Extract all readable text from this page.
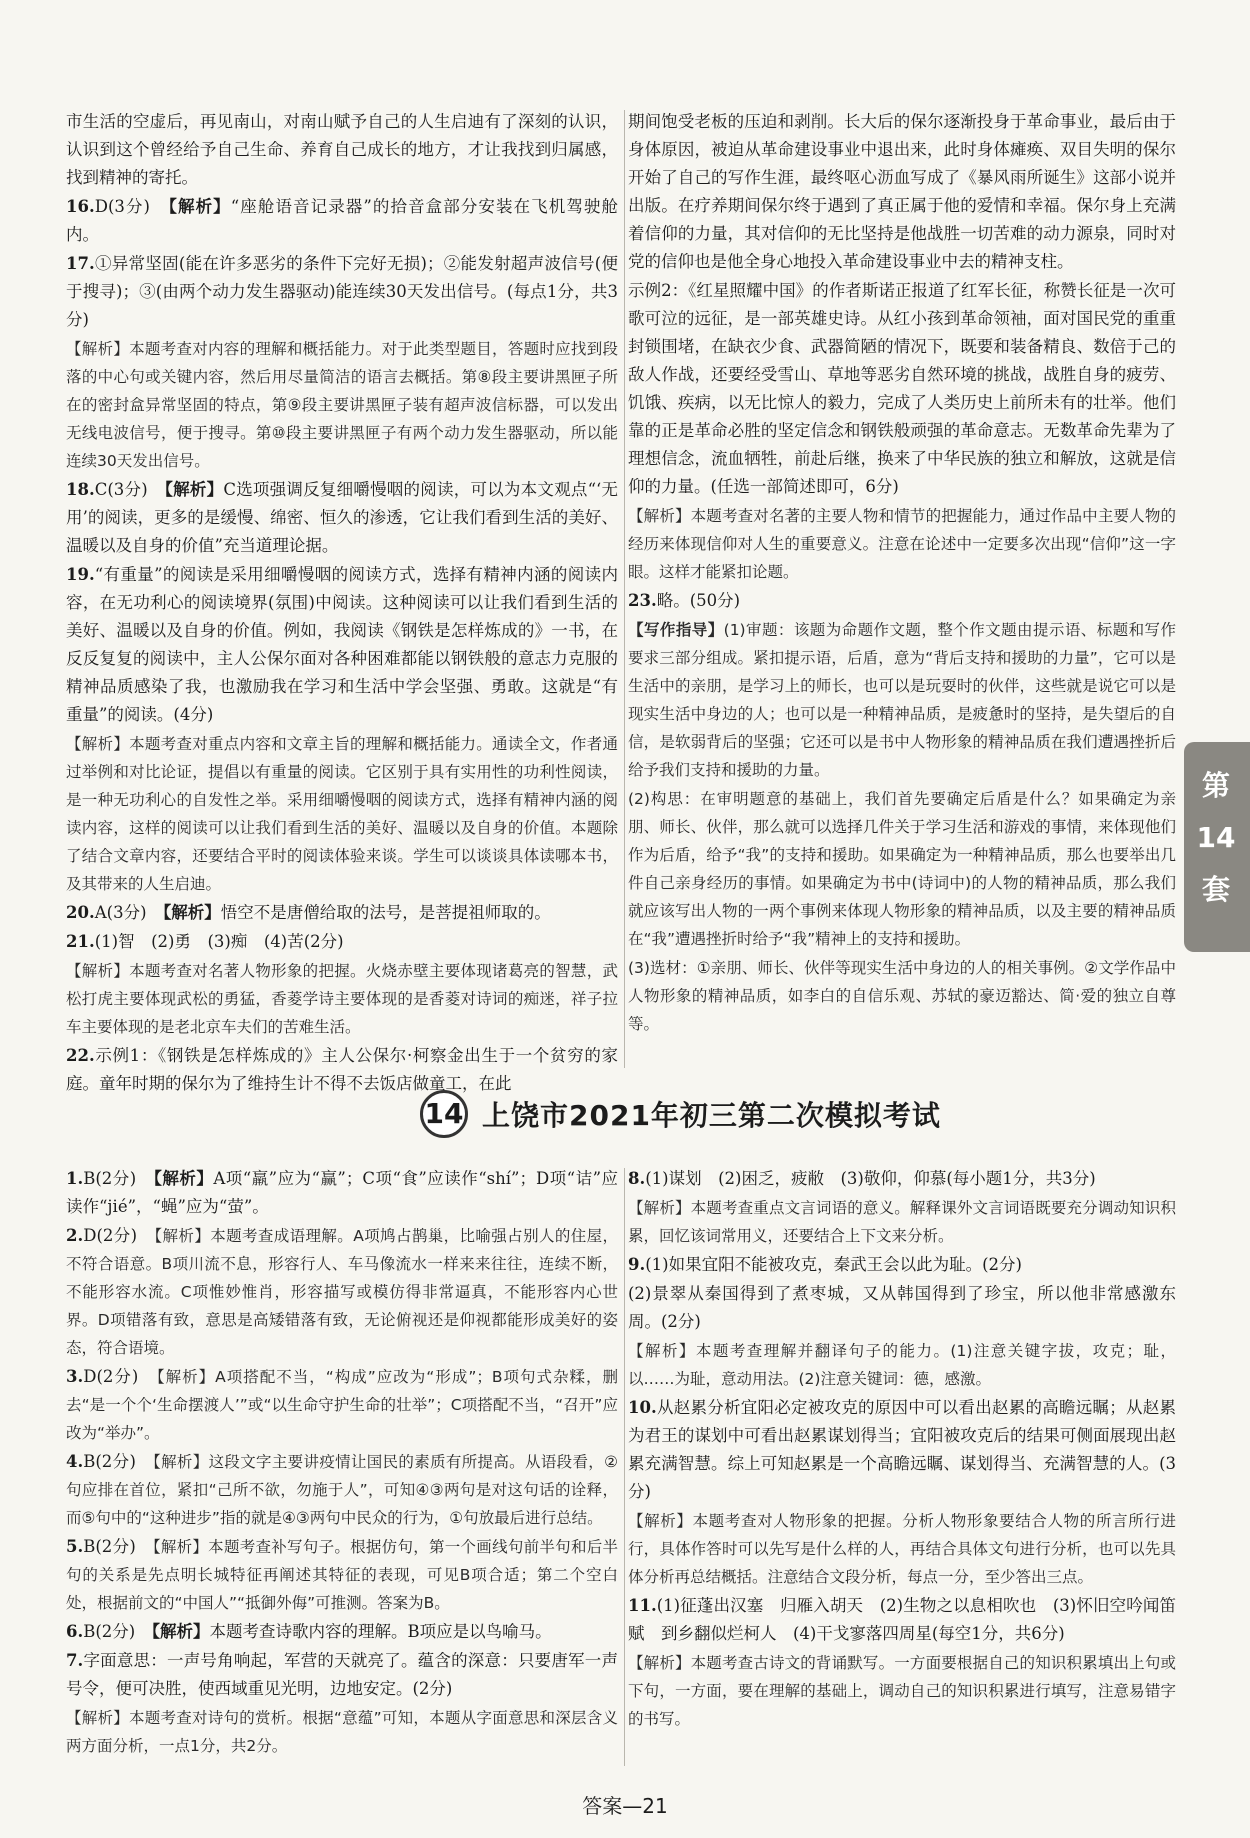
市生活的空虚后，再见南山，对南山赋予自己的人生启迪有了深刻的认识，认识到这个曾经给予自己生命、养育自己成长的地方，才让我找到归属感，找到精神的寄托。

16.D(3分)　 【解析】“座舱语音记录器”的拾音盒部分安装在飞机驾驶舱内。

17.①异常坚固(能在许多恶劣的条件下完好无损)；②能发射超声波信号(便于搜寻)；③(由两个动力发生器驱动)能连续30天发出信号。(每点1分，共3分)

【解析】本题考查对内容的理解和概括能力。对于此类型题目，答题时应找到段落的中心句或关键内容，然后用尽量简洁的语言去概括。第⑧段主要讲黑匣子所在的密封盒异常坚固的特点，第⑨段主要讲黑匣子装有超声波信标器，可以发出无线电波信号，便于搜寻。第⑩段主要讲黑匣子有两个动力发生器驱动，所以能连续30天发出信号。

18.C(3分)　 【解析】C选项强调反复细嚼慢咽的阅读，可以为本文观点“‘无用’的阅读，更多的是缓慢、绵密、恒久的渗透，它让我们看到生活的美好、温暖以及自身的价值”充当道理论据。

19.“有重量”的阅读是采用细嚼慢咽的阅读方式，选择有精神内涵的阅读内容，在无功利心的阅读境界(氛围)中阅读。这种阅读可以让我们看到生活的美好、温暖以及自身的价值。例如，我阅读《钢铁是怎样炼成的》一书，在反反复复的阅读中，主人公保尔面对各种困难都能以钢铁般的意志力克服的精神品质感染了我，也激励我在学习和生活中学会坚强、勇敢。这就是“有重量”的阅读。(4分)

【解析】本题考查对重点内容和文章主旨的理解和概括能力。通读全文，作者通过举例和对比论证，提倡以有重量的阅读。它区别于具有实用性的功利性阅读，是一种无功利心的自发性之举。采用细嚼慢咽的阅读方式，选择有精神内涵的阅读内容，这样的阅读可以让我们看到生活的美好、温暖以及自身的价值。本题除了结合文章内容，还要结合平时的阅读体验来谈。学生可以谈谈具体读哪本书，及其带来的人生启迪。

20.A(3分)　 【解析】悟空不是唐僧给取的法号，是菩提祖师取的。

21.(1)智　(2)勇　(3)痴　(4)苦(2分)

【解析】本题考查对名著人物形象的把握。火烧赤壁主要体现诸葛亮的智慧，武松打虎主要体现武松的勇猛，香菱学诗主要体现的是香菱对诗词的痴迷，祥子拉车主要体现的是老北京车夫们的苦难生活。

22.示例1：《钢铁是怎样炼成的》主人公保尔·柯察金出生于一个贫穷的家庭。童年时期的保尔为了维持生计不得不去饭店做童工，在此

期间饱受老板的压迫和剥削。长大后的保尔逐渐投身于革命事业，最后由于身体原因，被迫从革命建设事业中退出来，此时身体瘫痪、双目失明的保尔开始了自己的写作生涯，最终呕心沥血写成了《暴风雨所诞生》这部小说并出版。在疗养期间保尔终于遇到了真正属于他的爱情和幸福。保尔身上充满着信仰的力量，其对信仰的无比坚持是他战胜一切苦难的动力源泉，同时对党的信仰也是他全身心地投入革命建设事业中去的精神支柱。

示例2：《红星照耀中国》的作者斯诺正报道了红军长征，称赞长征是一次可歌可泣的远征，是一部英雄史诗。从红小孩到革命领袖，面对国民党的重重封锁围堵，在缺衣少食、武器简陋的情况下，既要和装备精良、数倍于己的敌人作战，还要经受雪山、草地等恶劣自然环境的挑战，战胜自身的疲劳、饥饿、疾病，以无比惊人的毅力，完成了人类历史上前所未有的壮举。他们靠的正是革命必胜的坚定信念和钢铁般顽强的革命意志。无数革命先辈为了理想信念，流血牺牲，前赴后继，换来了中华民族的独立和解放，这就是信仰的力量。(任选一部简述即可，6分)

【解析】本题考查对名著的主要人物和情节的把握能力，通过作品中主要人物的经历来体现信仰对人生的重要意义。注意在论述中一定要多次出现“信仰”这一字眼。这样才能紧扣论题。

23.略。(50分)

【写作指导】(1)审题：该题为命题作文题，整个作文题由提示语、标题和写作要求三部分组成。紧扣提示语，后盾，意为“背后支持和援助的力量”，它可以是生活中的亲朋，是学习上的师长，也可以是玩耍时的伙伴，这些就是说它可以是现实生活中身边的人；也可以是一种精神品质，是疲惫时的坚持，是失望后的自信，是软弱背后的坚强；它还可以是书中人物形象的精神品质在我们遭遇挫折后给予我们支持和援助的力量。

(2)构思：在审明题意的基础上，我们首先要确定后盾是什么？如果确定为亲朋、师长、伙伴，那么就可以选择几件关于学习生活和游戏的事情，来体现他们作为后盾，给予“我”的支持和援助。如果确定为一种精神品质，那么也要举出几件自己亲身经历的事情。如果确定为书中(诗词中)的人物的精神品质，那么我们就应该写出人物的一两个事例来体现人物形象的精神品质，以及主要的精神品质在“我”遭遇挫折时给予“我”精神上的支持和援助。

(3)选材：①亲朋、师长、伙伴等现实生活中身边的人的相关事例。②文学作品中人物形象的精神品质，如李白的自信乐观、苏轼的豪迈豁达、简·爱的独立自尊等。

14 上饶市2021年初三第二次模拟考试

1.B(2分)　 【解析】A项“羸”应为“赢”；C项“食”应读作“shí”；D项“诘”应读作“jié”，“蝇”应为“萤”。

2.D(2分)　 【解析】本题考查成语理解。A项鸠占鹊巢，比喻强占别人的住屋，不符合语意。B项川流不息，形容行人、车马像流水一样来来往往，连续不断，不能形容水流。C项惟妙惟肖，形容描写或模仿得非常逼真，不能形容内心世界。D项错落有致，意思是高矮错落有致，无论俯视还是仰视都能形成美好的姿态，符合语境。

3.D(2分)　 【解析】A项搭配不当，“构成”应改为“形成”；B项句式杂糅，删去“是一个个‘生命摆渡人’”或“以生命守护生命的壮举”；C项搭配不当，“召开”应改为“举办”。

4.B(2分)　 【解析】这段文字主要讲疫情让国民的素质有所提高。从语段看，②句应排在首位，紧扣“己所不欲，勿施于人”，可知④③两句是对这句话的诠释，而⑤句中的“这种进步”指的就是④③两句中民众的行为，①句放最后进行总结。

5.B(2分)　 【解析】本题考查补写句子。根据仿句，第一个画线句前半句和后半句的关系是先点明长城特征再阐述其特征的表现，可见B项合适；第二个空白处，根据前文的“中国人”“抵御外侮”可推测。答案为B。

6.B(2分)　 【解析】本题考查诗歌内容的理解。B项应是以鸟喻马。

7.字面意思：一声号角响起，军营的天就亮了。蕴含的深意：只要唐军一声号令，便可决胜，使西域重见光明，边地安定。(2分)

【解析】本题考查对诗句的赏析。根据“意蕴”可知，本题从字面意思和深层含义两方面分析，一点1分，共2分。

8.(1)谋划　(2)困乏，疲敝　(3)敬仰，仰慕(每小题1分，共3分)

【解析】本题考查重点文言词语的意义。解释课外文言词语既要充分调动知识积累，回忆该词常用义，还要结合上下文来分析。

9.(1)如果宜阳不能被攻克，秦武王会以此为耻。(2分)

(2)景翠从秦国得到了煮枣城，又从韩国得到了珍宝，所以他非常感激东周。(2分)

【解析】本题考查理解并翻译句子的能力。(1)注意关键字拔，攻克；耻，以……为耻，意动用法。(2)注意关键词：德，感激。

10.从赵累分析宜阳必定被攻克的原因中可以看出赵累的高瞻远瞩；从赵累为君王的谋划中可看出赵累谋划得当；宜阳被攻克后的结果可侧面展现出赵累充满智慧。综上可知赵累是一个高瞻远瞩、谋划得当、充满智慧的人。(3分)

【解析】本题考查对人物形象的把握。分析人物形象要结合人物的所言所行进行，具体作答时可以先写是什么样的人，再结合具体文句进行分析，也可以先具体分析再总结概括。注意结合文段分析，每点一分，至少答出三点。

11.(1)征蓬出汉塞　归雁入胡天　(2)生物之以息相吹也　(3)怀旧空吟闻笛赋　到乡翻似烂柯人　(4)干戈寥落四周星(每空1分，共6分)

【解析】本题考查古诗文的背诵默写。一方面要根据自己的知识积累填出上句或下句，一方面，要在理解的基础上，调动自己的知识积累进行填写，注意易错字的书写。

第
14
套
答案—21
